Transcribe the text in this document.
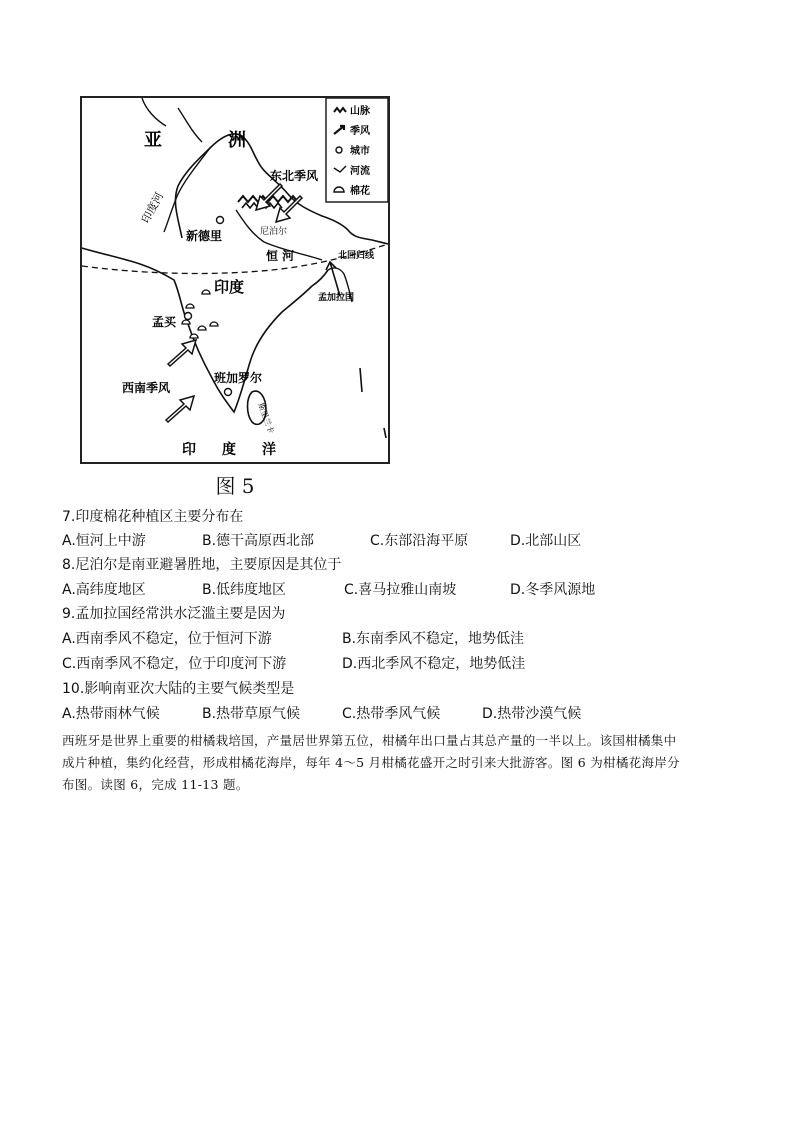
亚	洲
东北季风
印度河
新德里	尼泊尔
恒 河	北回归线
印度
孟加拉国
孟买
西南季风
班加罗尔
斯里兰卡
印 度 洋
山脉
季风
城市
河流
棉花
图 5
7.印度棉花种植区主要分布在
A.恒河上中游	B.德干高原西北部	C.东部沿海平原	D.北部山区
8.尼泊尔是南亚避暑胜地，主要原因是其位于
A.高纬度地区	B.低纬度地区	C.喜马拉雅山南坡	D.冬季风源地
9.孟加拉国经常洪水泛滥主要是因为
A.西南季风不稳定，位于恒河下游	B.东南季风不稳定，地势低洼
C.西南季风不稳定，位于印度河下游	D.西北季风不稳定，地势低洼
10.影响南亚次大陆的主要气候类型是
A.热带雨林气候	B.热带草原气候	C.热带季风气候	D.热带沙漠气候
西班牙是世界上重要的柑橘栽培国，产量居世界第五位，柑橘年出口量占其总产量的一半以上。该国柑橘集中
成片种植，集约化经营，形成柑橘花海岸，每年 4～5 月柑橘花盛开之时引来大批游客。图 6 为柑橘花海岸分
布图。读图 6，完成 11-13 题。
